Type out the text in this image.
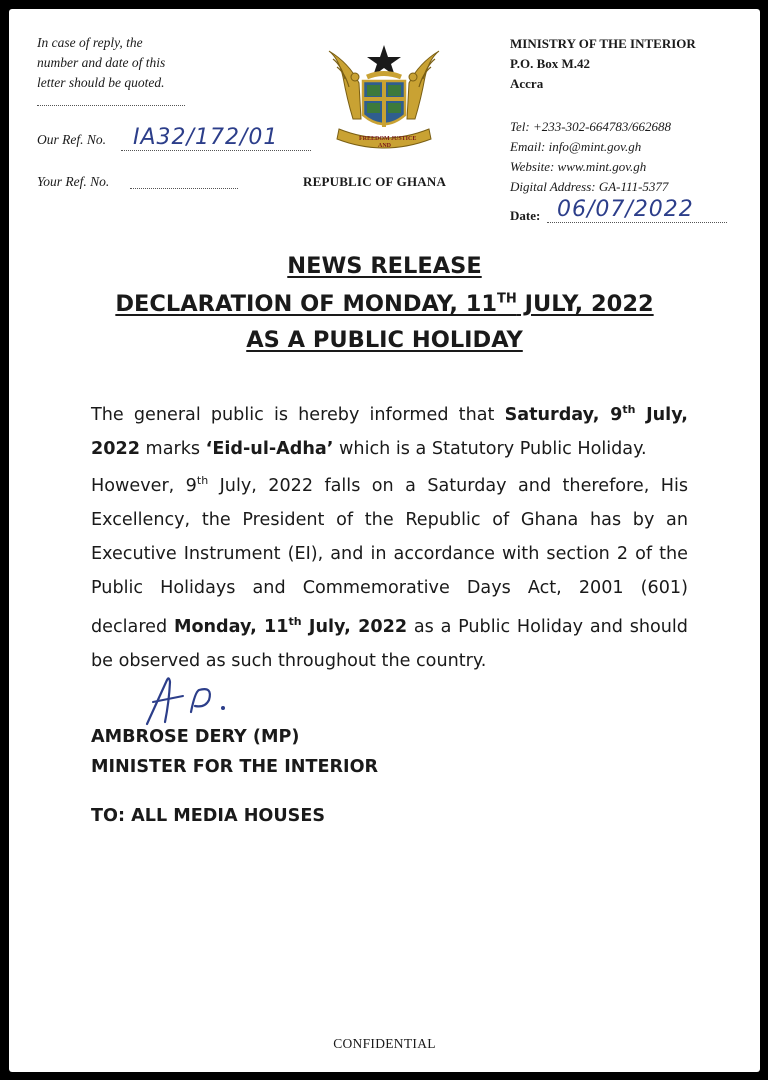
In case of reply, the
number and date of this
letter should be quoted.
Our Ref. No. IA32/172/01
Your Ref. No.
FREEDOM
AND
JUSTICE
REPUBLIC OF GHANA
MINISTRY OF THE INTERIOR
P.O. Box M.42
Accra
Tel: +233-302-664783/662688
Email: info@mint.gov.gh
Website: www.mint.gov.gh
Digital Address: GA-111-5377
Date: 06/07/2022
NEWS RELEASE
DECLARATION OF MONDAY, 11TH JULY, 2022
AS A PUBLIC HOLIDAY
The general public is hereby informed that Saturday, 9th July, 2022 marks ‘Eid-ul-Adha’ which is a Statutory Public Holiday.
However, 9th July, 2022 falls on a Saturday and therefore, His Excellency, the President of the Republic of Ghana has by an Executive Instrument (EI), and in accordance with section 2 of the Public Holidays and Commemorative Days Act, 2001 (601) declared Monday, 11th July, 2022 as a Public Holiday and should be observed as such throughout the country.
AMBROSE DERY (MP)
MINISTER FOR THE INTERIOR
TO: ALL MEDIA HOUSES
CONFIDENTIAL
